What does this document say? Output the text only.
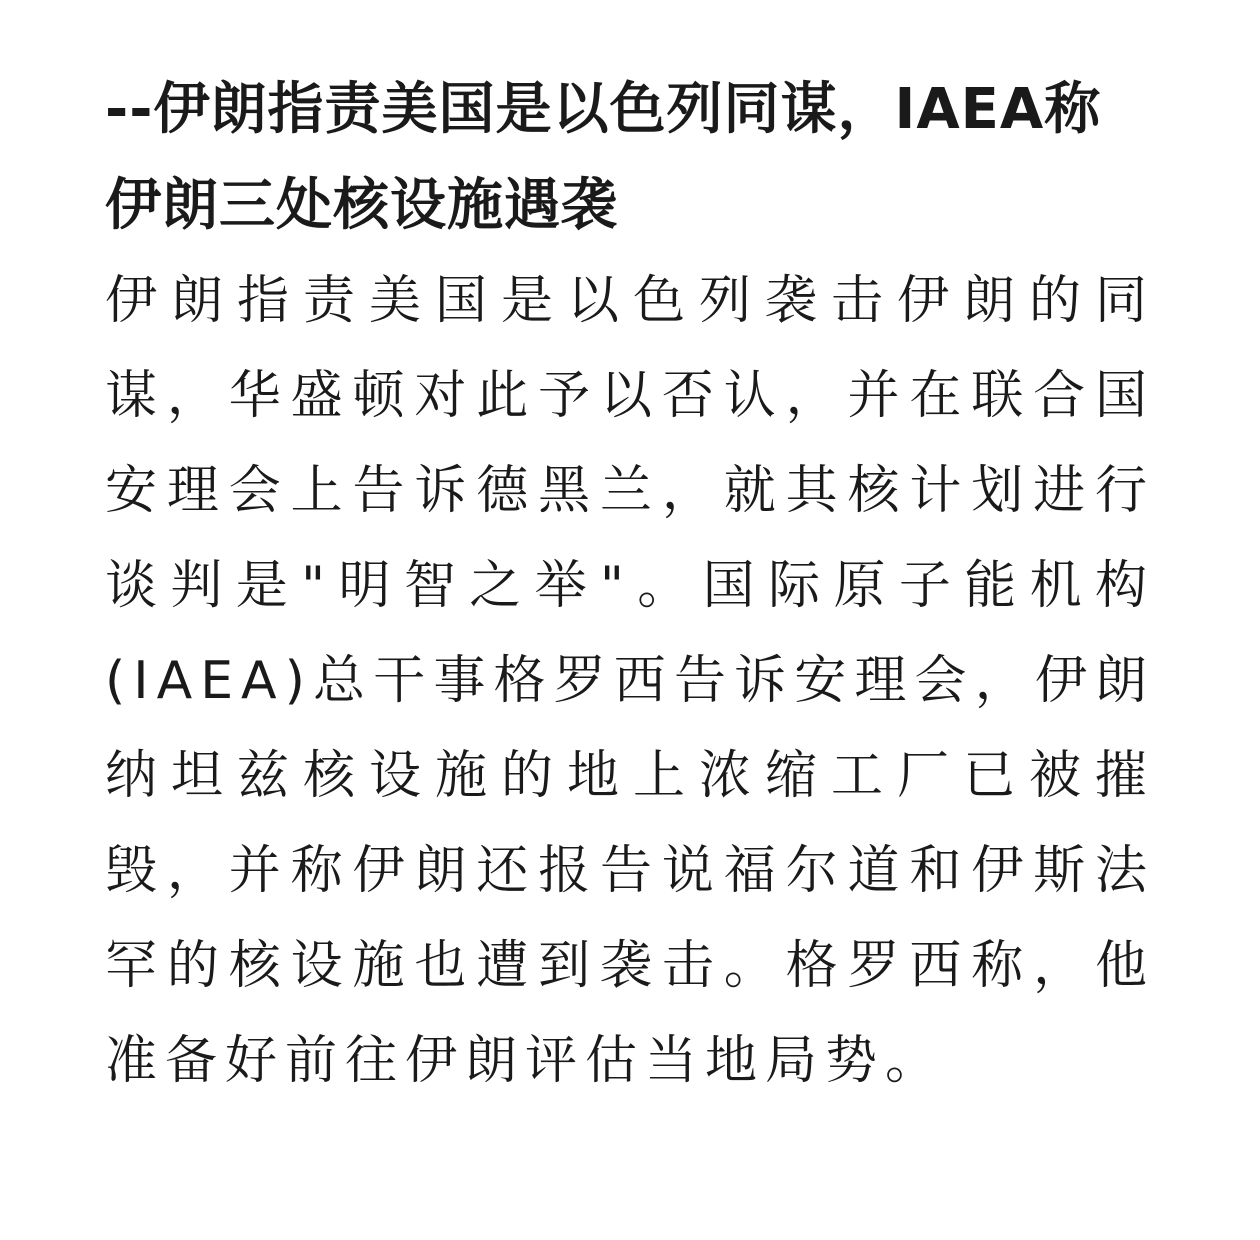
--伊朗指责美国是以色列同谋，IAEA称伊朗三处核设施遇袭

伊朗指责美国是以色列袭击伊朗的同谋，华盛顿对此予以否认，并在联合国安理会上告诉德黑兰，就其核计划进行谈判是"明智之举"。国际原子能机构(IAEA)总干事格罗西告诉安理会，伊朗纳坦兹核设施的地上浓缩工厂已被摧毁，并称伊朗还报告说福尔道和伊斯法罕的核设施也遭到袭击。格罗西称，他准备好前往伊朗评估当地局势。
